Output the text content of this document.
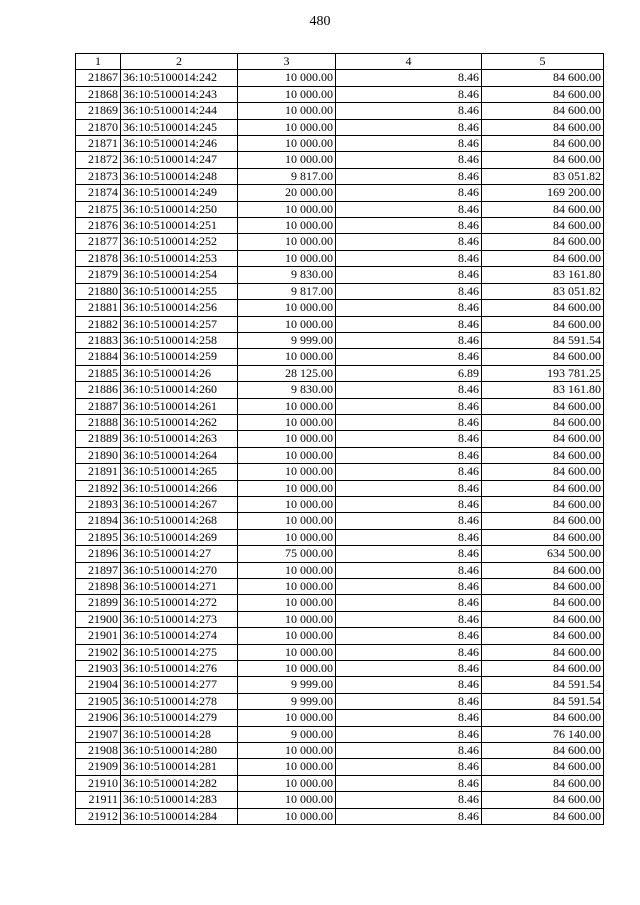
480
1	2	3	4	5
21867	36:10:5100014:242	10 000.00	8.46	84 600.00
21868	36:10:5100014:243	10 000.00	8.46	84 600.00
21869	36:10:5100014:244	10 000.00	8.46	84 600.00
21870	36:10:5100014:245	10 000.00	8.46	84 600.00
21871	36:10:5100014:246	10 000.00	8.46	84 600.00
21872	36:10:5100014:247	10 000.00	8.46	84 600.00
21873	36:10:5100014:248	9 817.00	8.46	83 051.82
21874	36:10:5100014:249	20 000.00	8.46	169 200.00
21875	36:10:5100014:250	10 000.00	8.46	84 600.00
21876	36:10:5100014:251	10 000.00	8.46	84 600.00
21877	36:10:5100014:252	10 000.00	8.46	84 600.00
21878	36:10:5100014:253	10 000.00	8.46	84 600.00
21879	36:10:5100014:254	9 830.00	8.46	83 161.80
21880	36:10:5100014:255	9 817.00	8.46	83 051.82
21881	36:10:5100014:256	10 000.00	8.46	84 600.00
21882	36:10:5100014:257	10 000.00	8.46	84 600.00
21883	36:10:5100014:258	9 999.00	8.46	84 591.54
21884	36:10:5100014:259	10 000.00	8.46	84 600.00
21885	36:10:5100014:26	28 125.00	6.89	193 781.25
21886	36:10:5100014:260	9 830.00	8.46	83 161.80
21887	36:10:5100014:261	10 000.00	8.46	84 600.00
21888	36:10:5100014:262	10 000.00	8.46	84 600.00
21889	36:10:5100014:263	10 000.00	8.46	84 600.00
21890	36:10:5100014:264	10 000.00	8.46	84 600.00
21891	36:10:5100014:265	10 000.00	8.46	84 600.00
21892	36:10:5100014:266	10 000.00	8.46	84 600.00
21893	36:10:5100014:267	10 000.00	8.46	84 600.00
21894	36:10:5100014:268	10 000.00	8.46	84 600.00
21895	36:10:5100014:269	10 000.00	8.46	84 600.00
21896	36:10:5100014:27	75 000.00	8.46	634 500.00
21897	36:10:5100014:270	10 000.00	8.46	84 600.00
21898	36:10:5100014:271	10 000.00	8.46	84 600.00
21899	36:10:5100014:272	10 000.00	8.46	84 600.00
21900	36:10:5100014:273	10 000.00	8.46	84 600.00
21901	36:10:5100014:274	10 000.00	8.46	84 600.00
21902	36:10:5100014:275	10 000.00	8.46	84 600.00
21903	36:10:5100014:276	10 000.00	8.46	84 600.00
21904	36:10:5100014:277	9 999.00	8.46	84 591.54
21905	36:10:5100014:278	9 999.00	8.46	84 591.54
21906	36:10:5100014:279	10 000.00	8.46	84 600.00
21907	36:10:5100014:28	9 000.00	8.46	76 140.00
21908	36:10:5100014:280	10 000.00	8.46	84 600.00
21909	36:10:5100014:281	10 000.00	8.46	84 600.00
21910	36:10:5100014:282	10 000.00	8.46	84 600.00
21911	36:10:5100014:283	10 000.00	8.46	84 600.00
21912	36:10:5100014:284	10 000.00	8.46	84 600.00
